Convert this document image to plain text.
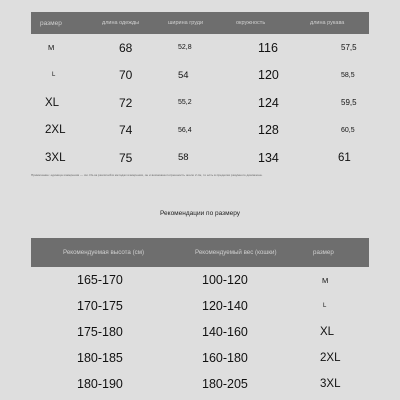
размер	длина одежды	ширина груди	окружность	длина рукава
M	68	52,8	116	57,5
L	70	54	120	58,5
XL	72	55,2	124	59,5
2XL	74	56,4	128	60,5
3XL	75	58	134	61
Примечание: единица измерения — см. Из-за различий в методах измерения, он и возможна погрешность около 2 см, то есть в пределах разумного диапазона.
Рекомендации по размеру
Рекомендуемая высота (см)	Рекомендуемый вес (кошки)	размер
165-170	100-120	M
170-175	120-140	L
175-180	140-160	XL
180-185	160-180	2XL
180-190	180-205	3XL
